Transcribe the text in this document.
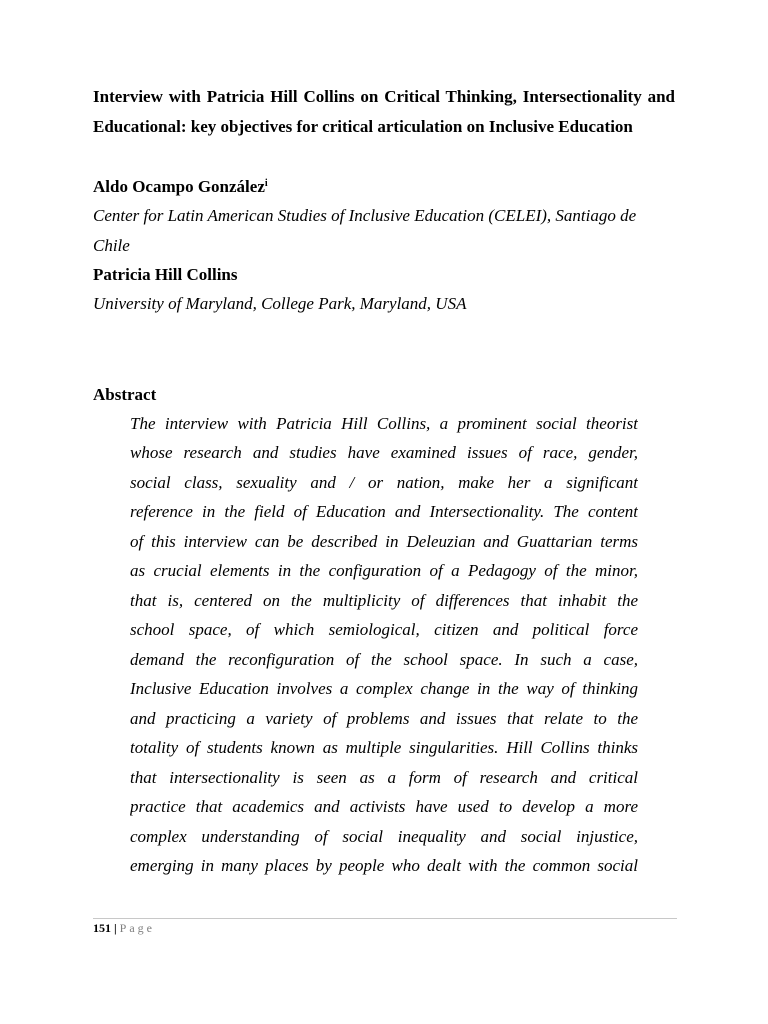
Interview with Patricia Hill Collins on Critical Thinking, Intersectionality and Educational: key objectives for critical articulation on Inclusive Education

Aldo Ocampo González$^i$

Center for Latin American Studies of Inclusive Education (CELEI), Santiago de Chile

Patricia Hill Collins

University of Maryland, College Park, Maryland, USA

Abstract

The interview with Patricia Hill Collins, a prominent social theorist
whose research and studies have examined issues of race, gender,
social class, sexuality and / or nation, make her a significant
reference in the field of Education and Intersectionality. The content
of this interview can be described in Deleuzian and Guattarian terms
as crucial elements in the configuration of a Pedagogy of the minor,
that is, centered on the multiplicity of differences that inhabit the
school space, of which semiological, citizen and political force
demand the reconfiguration of the school space. In such a case,
Inclusive Education involves a complex change in the way of thinking
and practicing a variety of problems and issues that relate to the
totality of students known as multiple singularities. Hill Collins thinks
that intersectionality is seen as a form of research and critical
practice that academics and activists have used to develop a more
complex understanding of social inequality and social injustice,
emerging in many places by people who dealt with the common social
151 | Page
